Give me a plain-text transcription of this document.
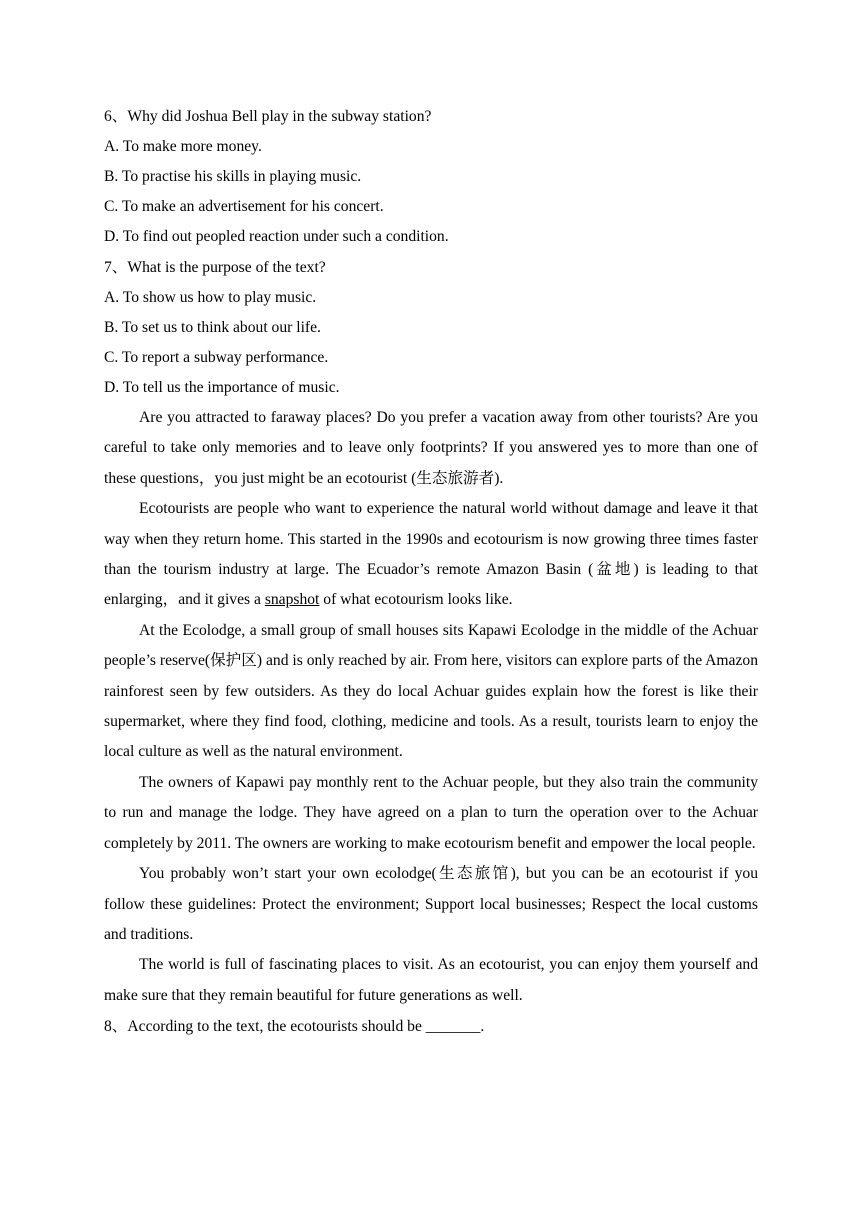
6、Why did Joshua Bell play in the subway station?

A. To make more money.

B. To practise his skills in playing music.

C. To make an advertisement for his concert.

D. To find out peopled reaction under such a condition.

7、What is the purpose of the text?

A. To show us how to play music.

B. To set us to think about our life.

C. To report a subway performance.

D. To tell us the importance of music.

Are you attracted to faraway places? Do you prefer a vacation away from other tourists? Are you careful to take only memories and to leave only footprints? If you answered yes to more than one of these questions，you just might be an ecotourist (生态旅游者).

Ecotourists are people who want to experience the natural world without damage and leave it that way when they return home. This started in the 1990s and ecotourism is now growing three times faster than the tourism industry at large. The Ecuador’s remote Amazon Basin (盆地) is leading to that enlarging，and it gives a snapshot of what ecotourism looks like.

At the Ecolodge, a small group of small houses sits Kapawi Ecolodge in the middle of the Achuar people’s reserve(保护区) and is only reached by air. From here, visitors can explore parts of the Amazon rainforest seen by few outsiders. As they do local Achuar guides explain how the forest is like their supermarket, where they find food, clothing, medicine and tools. As a result, tourists learn to enjoy the local culture as well as the natural environment.

The owners of Kapawi pay monthly rent to the Achuar people, but they also train the community to run and manage the lodge. They have agreed on a plan to turn the operation over to the Achuar completely by 2011. The owners are working to make ecotourism benefit and empower the local people.

You probably won’t start your own ecolodge(生态旅馆), but you can be an ecotourist if you follow these guidelines: Protect the environment; Support local businesses; Respect the local customs and traditions.

The world is full of fascinating places to visit. As an ecotourist, you can enjoy them yourself and make sure that they remain beautiful for future generations as well.

8、According to the text, the ecotourists should be _______.
